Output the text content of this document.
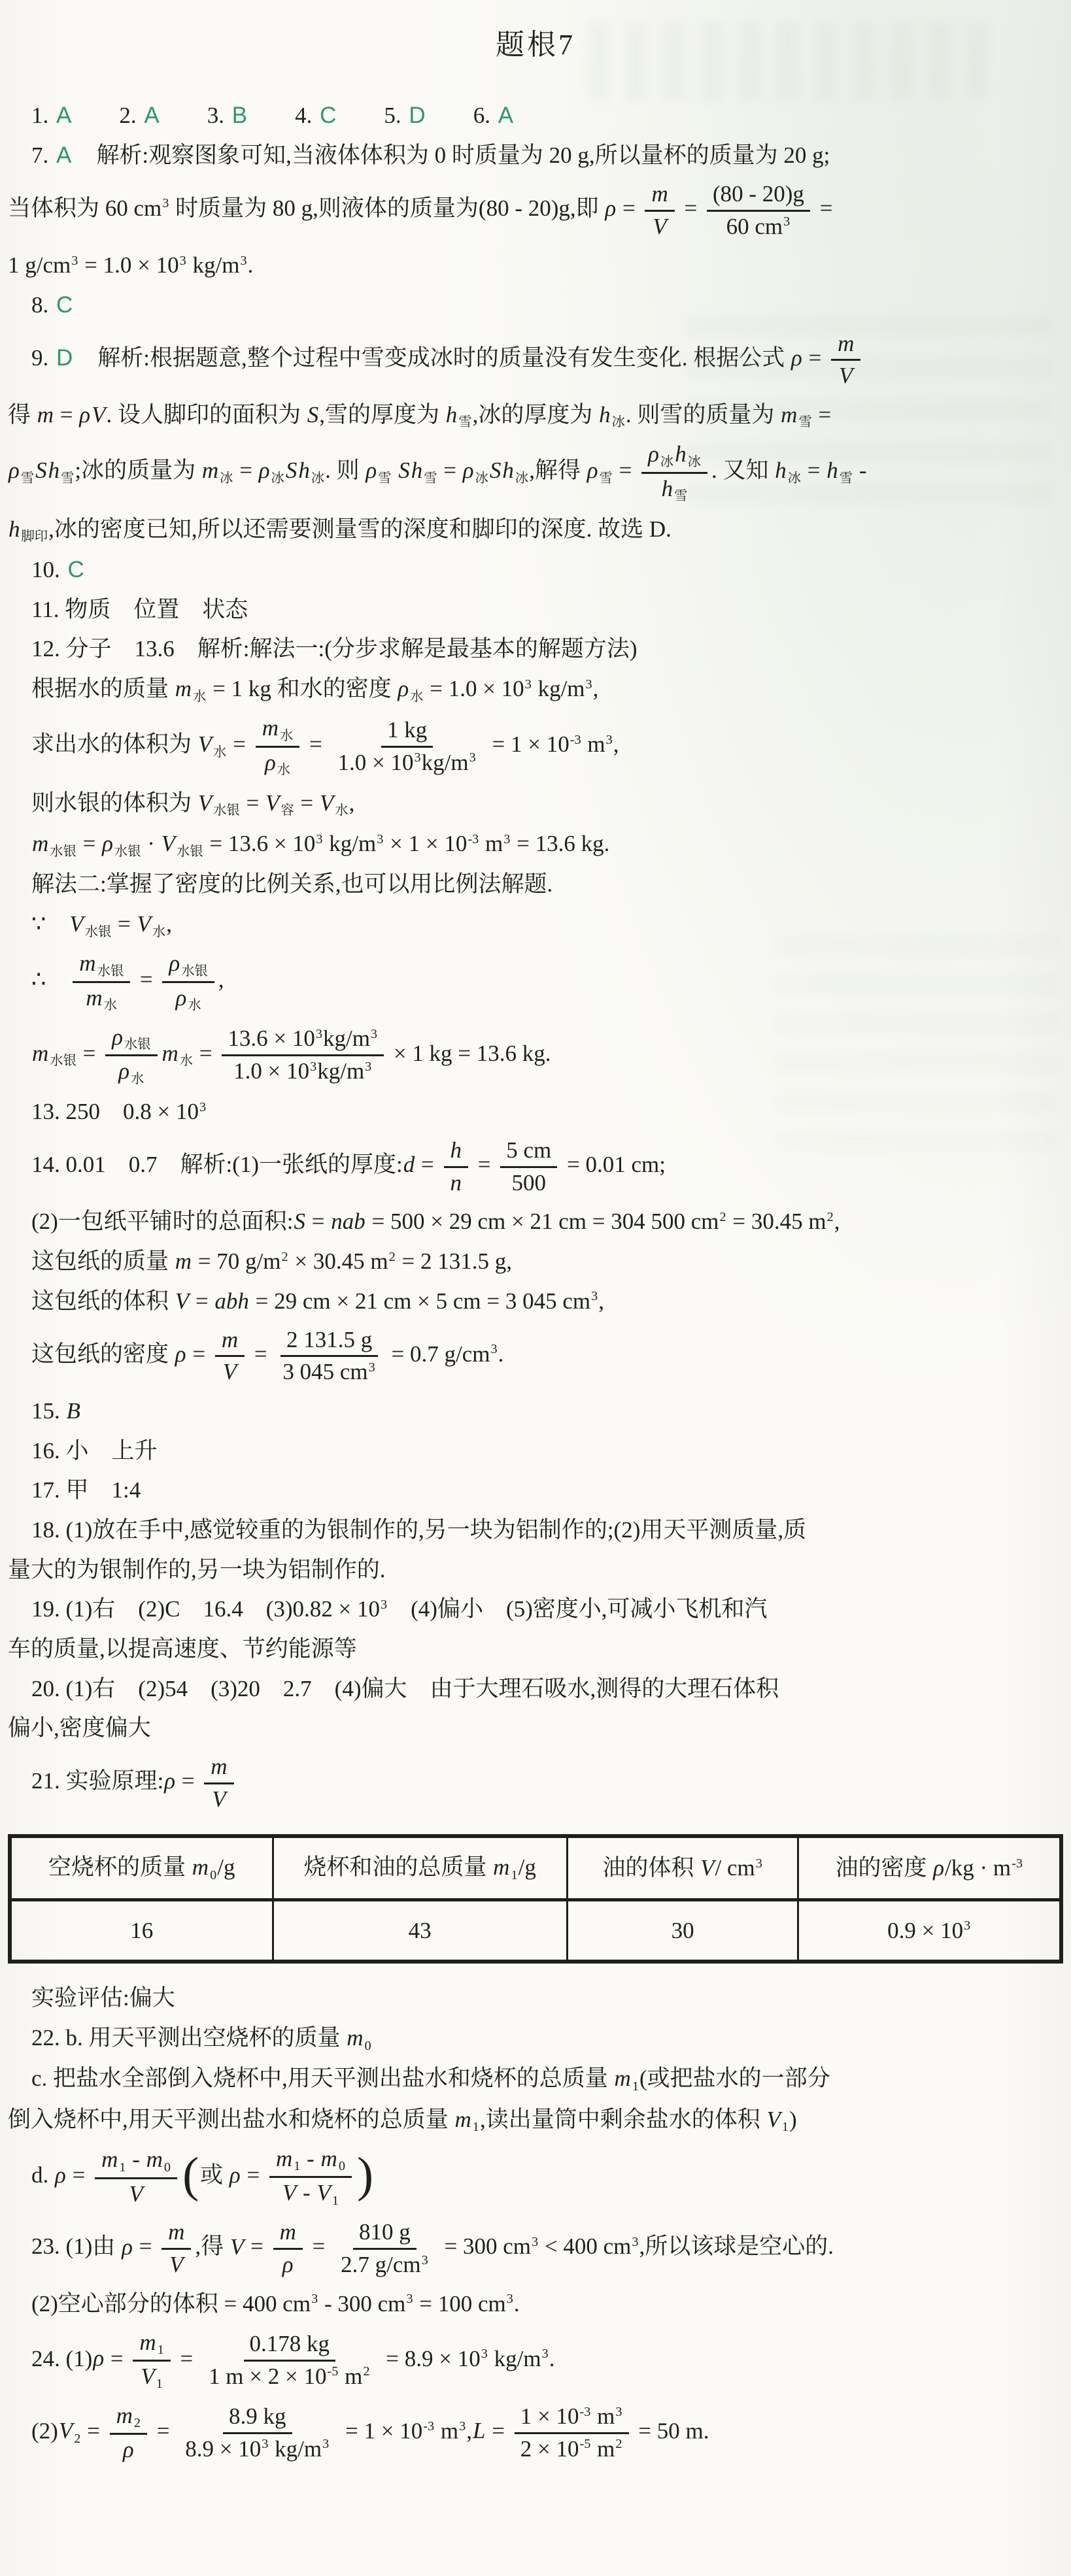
题根7
1. A　　2. A　　3. B　　4. C　　5. D　　6. A
7. A　解析:观察图象可知,当液体体积为 0 时质量为 20 g,所以量杯的质量为 20 g;
当体积为 60 $cm^3$ 时质量为 80 g,则液体的质量为(80 - 20)g,即 $\rho = \frac{m}{V} = \frac{(80 - 20)g}{60 cm^3}$ =
1 $g/cm^3 = 1.0 \times 10^3$ $kg/m^3$.
8. C
9. D　解析:根据题意,整个过程中雪变成冰时的质量没有发生变化. 根据公式 $\rho = \frac{m}{V}$
得 m = ρV. 设人脚印的面积为 S,雪的厚度为 h雪,冰的厚度为 h冰. 则雪的质量为 m雪 =
ρ雪Sh雪;冰的质量为 m冰 = ρ冰Sh冰. 则 ρ雪 Sh雪 = ρ冰Sh冰,解得 ρ雪 =
ρ冰h冰
h雪
. 又知 h冰 = h雪 -
h脚印,冰的密度已知,所以还需要测量雪的深度和脚印的深度. 故选 D.
10. C
11. 物质　位置　状态
12. 分子　13.6　解析:解法一:(分步求解是最基本的解题方法)
根据水的质量 m水 = 1 kg 和水的密度 ρ水 = $1.0 \times 10^3$ $kg/m^3$,
求出水的体积为 V水 =
m水
ρ水
= $\frac{1 kg}{1.0 \times 10^3kg/m^3} = 1 \times 10^{-3}$ $m^3$,
则水银的体积为 V水银 = V容 = V水,
m水银 = ρ水银 · V水银 = $13.6 \times 10^3$ $kg/m^3 \times 1 \times 10^{-3}$ $m^3 = 13.6$ kg.
解法二:掌握了密度的比例关系,也可以用比例法解题.
∵　V水银 = V水,
∴　
m水银
m水
=
ρ水银
ρ水
,
m水银 =
ρ水银
ρ水
m水 = $\frac{13.6 \times 10^3kg/m^3}{1.0 \times 10^3kg/m^3} \times 1$ kg = 13.6 kg.
13. 250　$0.8 \times 10^3$
14. 0.01　0.7　解析:(1)一张纸的厚度:d = $\frac{h}{n} = \frac{5 cm}{500} = 0.01$ cm;
(2)一包纸平铺时的总面积:S = nab = 500 × 29 cm × 21 cm = 304 500 $cm^2 = 30.45$ $m^2$,
这包纸的质量 m = 70 $g/m^2 \times 30.45$ $m^2 = 2$ 131.5 g,
这包纸的体积 V = abh = 29 cm × 21 cm × 5 cm = 3 045 $cm^3$,
这包纸的密度 $\rho = \frac{m}{V} = \frac{2 131.5 g}{3 045 cm^3} = 0.7$ $g/cm^3$.
15. B
16. 小　上升
17. 甲　1:4
18. (1)放在手中,感觉较重的为银制作的,另一块为铝制作的;(2)用天平测质量,质
量大的为银制作的,另一块为铝制作的.
19. (1)右　(2)C　16.4　$(3)0.82 \times 10^3$　(4)偏小　(5)密度小,可减小飞机和汽
车的质量,以提高速度、节约能源等
20. (1)右　(2)54　(3)20　2.7　(4)偏大　由于大理石吸水,测得的大理石体积
偏小,密度偏大
21. 实验原理:ρ = $\frac{m}{V}$
空烧杯的质量 m0/g	烧杯和油的总质量 m1/g	油的体积 V/ $cm^3$	油的密度 $\rho/kg \cdot m^{-3}$
16	43	30	$0.9 \times 10^3$
实验评估:偏大
22. b. 用天平测出空烧杯的质量 m0
c. 把盐水全部倒入烧杯中,用天平测出盐水和烧杯的总质量 m1(或把盐水的一部分
倒入烧杯中,用天平测出盐水和烧杯的总质量 m1,读出量筒中剩余盐水的体积 V1)
d. $\rho = \frac{m1 - m0}{V}$ (或 $\rho = \frac{m1 - m0}{V - V1}$ )
23. (1)由 $\rho = \frac{m}{V}$ ,得 $V = \frac{m}{\rho} = \frac{810 g}{2.7 g/cm^3} = 300$ $cm^3 < 400$ $cm^3$,所以该球是空心的.
(2)空心部分的体积 = 400 $cm^3 - 300$ $cm^3 = 100$ $cm^3$.
24. $(1)\rho = \frac{m1}{V1} = \frac{0.178 kg}{1 m \times 2 \times 10^{-5} m^2} = 8.9 \times 10^3$ $kg/m^3$.
$(2)V2 = \frac{m2}{\rho} = \frac{8.9 kg}{8.9 \times 10^3 kg/m^3} = 1 \times 10^{-3}$ $m^3,L = \frac{1 \times 10^{-3} m^3}{2 \times 10^{-5} m^2} = 50$ m.
